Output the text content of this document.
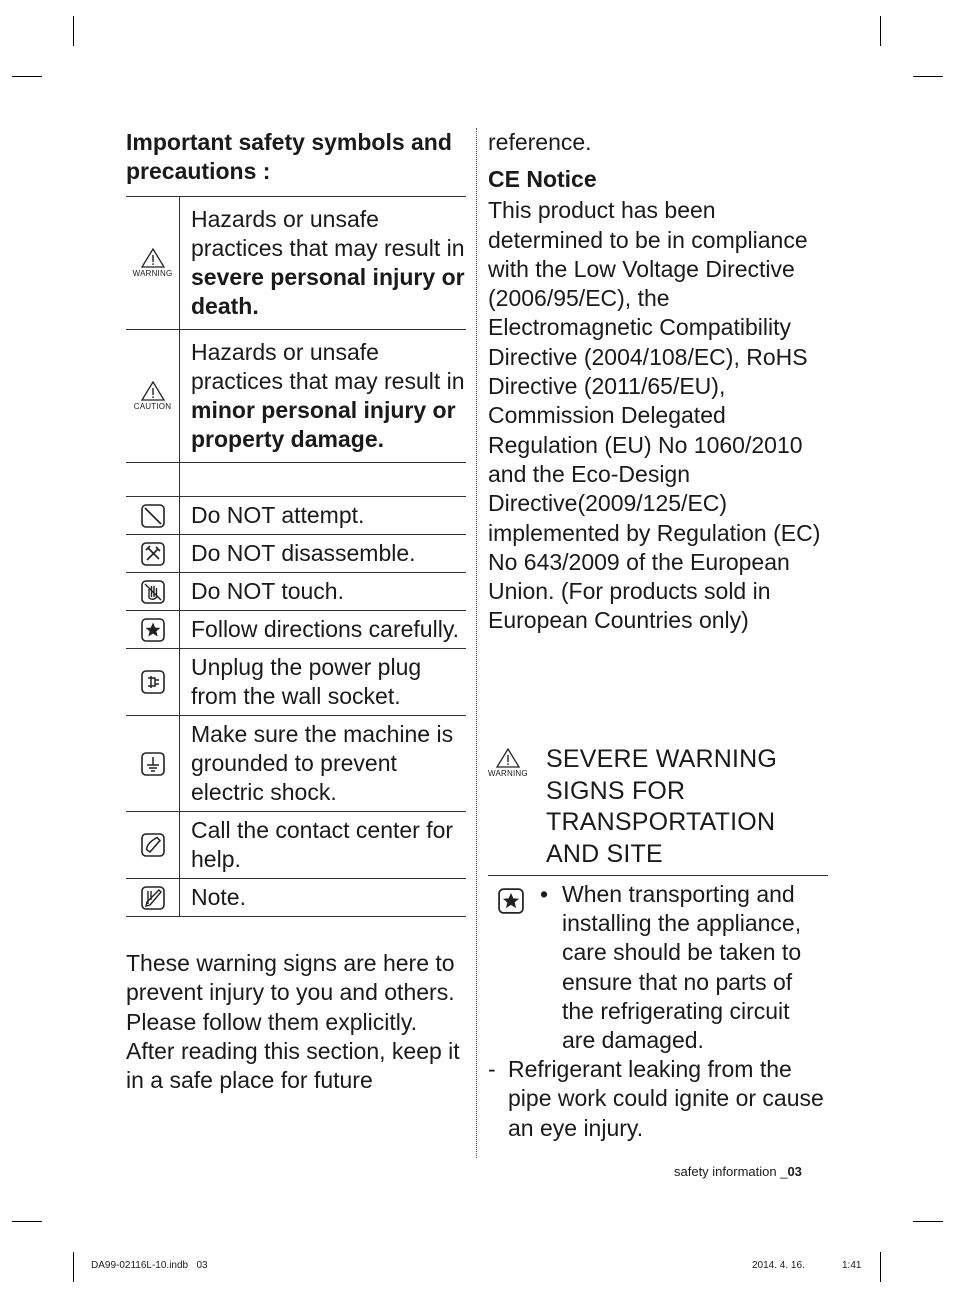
Important safety symbols and precautions :
WARNING	Hazards or unsafe practices that may result in severe personal injury or death.

CAUTION	Hazards or unsafe practices that may result in minor personal injury or property damage.

	Do NOT attempt.
	Do NOT disassemble.
	Do NOT touch.
	Follow directions carefully.
	Unplug the power plug from the wall socket.
	Make sure the machine is grounded to prevent electric shock.
	Call the contact center for help.
	Note.

These warning signs are here to prevent injury to you and others. Please follow them explicitly. After reading this section, keep it in a safe place for future

reference.

CE Notice

This product has been determined to be in compliance with the Low Voltage Directive (2006/95/EC), the Electromagnetic Compatibility Directive (2004/108/EC), RoHS Directive (2011/65/EU), Commission Delegated Regulation (EU) No 1060/2010 and the Eco-Design Directive(2009/125/EC) implemented by Regulation (EC) No 643/2009 of the European Union. (For products sold in European Countries only)

WARNING
SEVERE WARNING SIGNS FOR TRANSPORTATION AND SITE
• When transporting and installing the appliance, care should be taken to ensure that no parts of the refrigerating circuit are damaged.
- Refrigerant leaking from the pipe work could ignite or cause an eye injury.
safety information _03
DA99-02116L-10.indb   03	2014. 4. 16.	1:41
